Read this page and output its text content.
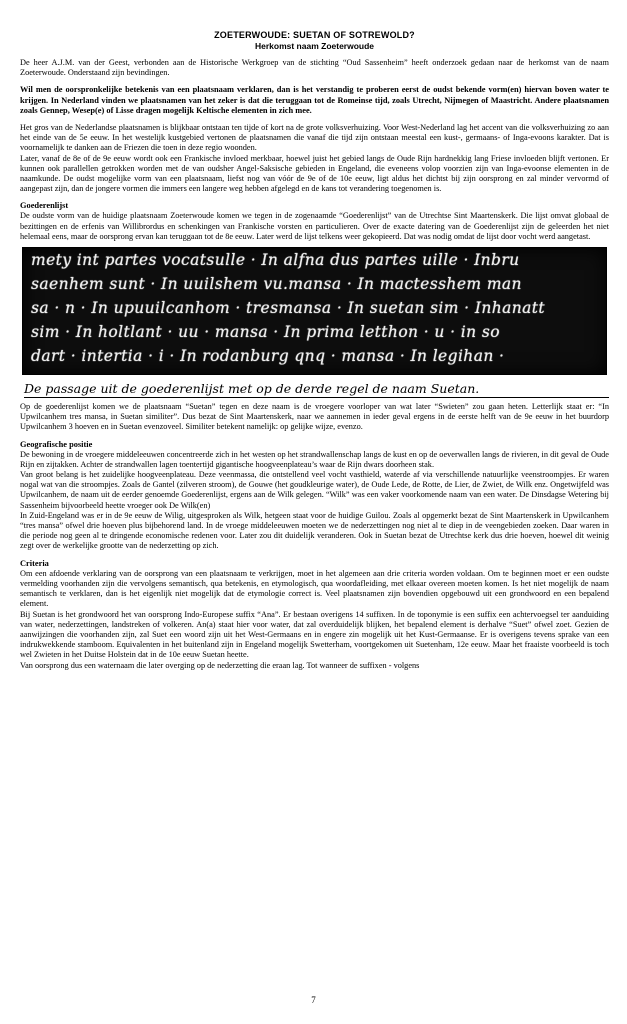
ZOETERWOUDE: SUETAN OF SOTREWOLD?
Herkomst naam Zoeterwoude

De heer A.J.M. van der Geest, verbonden aan de Historische Werkgroep van de stichting “Oud Sassenheim” heeft onderzoek gedaan naar de herkomst van de naam Zoeterwoude. Onderstaand zijn bevindingen.

Wil men de oorspronkelijke betekenis van een plaatsnaam verklaren, dan is het verstandig te proberen eerst de oudst bekende vorm(en) hiervan boven water te krijgen. In Nederland vinden we plaatsnamen van het zeker is dat die teruggaan tot de Romeinse tijd, zoals Utrecht, Nijmegen of Maastricht. Andere plaatsnamen zoals Gennep, Wesep(e) of Lisse dragen mogelijk Keltische elementen in zich mee.

Het gros van de Nederlandse plaatsnamen is blijkbaar ontstaan ten tijde of kort na de grote volksverhuizing. Voor West-Nederland lag het accent van die volksverhuizing zo aan het einde van de 5e eeuw. In het westelijk kustgebied vertonen de plaatsnamen die vanaf die tijd zijn ontstaan meestal een kust-, germaans- of Inga-evoons karakter. Dat is voornamelijk te danken aan de Friezen die toen in deze regio woonden.

Later, vanaf de 8e of de 9e eeuw wordt ook een Frankische invloed merkbaar, hoewel juist het gebied langs de Oude Rijn hardnekkig lang Friese invloeden blijft vertonen. Er kunnen ook parallellen getrokken worden met de van oudsher Angel-Saksische gebieden in Engeland, die eveneens volop voorzien zijn van Inga-evoonse elementen in de naamkunde. De oudst mogelijke vorm van een plaatsnaam, liefst nog van vóór de 9e of de 10e eeuw, ligt aldus het dichtst bij zijn oorsprong en zal minder vervormd of aangepast zijn, dan de jongere vormen die immers een langere weg hebben afgelegd en de kans tot verandering toegenomen is.

Goederenlijst

De oudste vorm van de huidige plaatsnaam Zoeterwoude komen we tegen in de zogenaamde “Goederenlijst” van de Utrechtse Sint Maartenskerk. Die lijst omvat globaal de bezittingen en de erfenis van Willibrordus en schenkingen van Frankische vorsten en particulieren. Over de exacte datering van de Goederenlijst zijn de geleerden het niet helemaal eens, maar de oorsprong ervan kan teruggaan tot de 8e eeuw. Later werd de lijst telkens weer gekopieerd. Dat was nodig omdat de lijst door vocht werd aangetast.

mety int partes vocatsulle · In alfna dus partes uille · Inbru
saenhem sunt · In uuilshem vu.mansa · In mactesshem man
sa · n · In upuuilcanhom · tresmansa · In suetan sim · Inhanatt
sim · In holtlant · uu · mansa · In prima letthon · u · in so
dart · intertia · i · In rodanburg qnq · mansa · In legihan ·
De passage uit de goederenlijst met op de derde regel de naam Suetan.

Op de goederenlijst komen we de plaatsnaam “Suetan” tegen en deze naam is de vroegere voorloper van wat later “Swieten” zou gaan heten. Letterlijk staat er: “In Upwilcanhem tres mansa, in Suetan similiter”. Dus bezat de Sint Maartenskerk, naar we aannemen in ieder geval ergens in de eerste helft van de 9e eeuw in het buurdorp Upwilcanhem 3 hoeven en in Suetan evenzoveel. Similiter betekent namelijk: op gelijke wijze, evenzo.

Geografische positie

De bewoning in de vroegere middeleeuwen concentreerde zich in het westen op het strandwallenschap langs de kust en op de oeverwallen langs de rivieren, in dit geval de Oude Rijn en zijtakken. Achter de strandwallen lagen toentertijd gigantische hoogveenplateau’s waar de Rijn dwars doorheen stak.

Van groot belang is het zuidelijke hoogveenplateau. Deze veenmassa, die ontstellend veel vocht vasthield, waterde af via verschillende natuurlijke veenstroompjes. Er waren nogal wat van die stroompjes. Zoals de Gantel (zilveren stroom), de Gouwe (het goudkleurige water), de Oude Lede, de Rotte, de Lier, de Zwiet, de Wilk enz. Ongetwijfeld was Upwilcanhem, de naam uit de eerder genoemde Goederenlijst, ergens aan de Wilk gelegen. “Wilk” was een vaker voorkomende naam van een water. De Dinsdagse Wetering bij Sassenheim bijvoorbeeld heette vroeger ook De Wilk(en)

In Zuid-Engeland was er in de 9e eeuw de Wilig, uitgesproken als Wilk, hetgeen staat voor de huidige Guilou. Zoals al opgemerkt bezat de Sint Maartenskerk in Upwilcanhem “tres mansa” ofwel drie hoeven plus bijbehorend land. In de vroege middeleeuwen moeten we de nederzettingen nog niet al te diep in de veengebieden zoeken. Daar waren in die periode nog geen al te dringende economische redenen voor. Later zou dit duidelijk veranderen. Ook in Suetan bezat de Utrechtse kerk dus drie hoeven, hoewel dit weinig zegt over de werkelijke grootte van de nederzetting op zich.

Criteria

Om een afdoende verklaring van de oorsprong van een plaatsnaam te verkrijgen, moet in het algemeen aan drie criteria worden voldaan. Om te beginnen moet er een oudste vermelding voorhanden zijn die vervolgens semantisch, qua betekenis, en etymologisch, qua woordafleiding, met elkaar overeen moeten komen. Is het niet mogelijk de naam semantisch te verklaren, dan is het eigenlijk niet mogelijk dat de etymologie correct is. Veel plaatsnamen zijn bovendien opgebouwd uit een grondwoord en een bepalend element.

Bij Suetan is het grondwoord het van oorsprong Indo-Europese suffix “Ana”. Er bestaan overigens 14 suffixen. In de toponymie is een suffix een achtervoegsel ter aanduiding van water, nederzettingen, landstreken of volkeren. An(a) staat hier voor water, dat zal overduidelijk blijken, het bepalend element is derhalve “Suet” ofwel zoet. Gezien de aanwijzingen die voorhanden zijn, zal Suet een woord zijn uit het West-Germaans en in engere zin mogelijk uit het Kust-Germaanse. Er is overigens tevens sprake van een indrukwekkende stamboom. Equivalenten in het buitenland zijn in Engeland mogelijk Swetterham, voortgekomen uit Suetenham, 12e eeuw. Maar het fraaiste voorbeeld is toch wel Zwieten in het Duitse Holstein dat in de 10e eeuw Suetan heette.

Van oorsprong dus een waternaam die later overging op de nederzetting die eraan lag. Tot wanneer de suffixen - volgens

7
